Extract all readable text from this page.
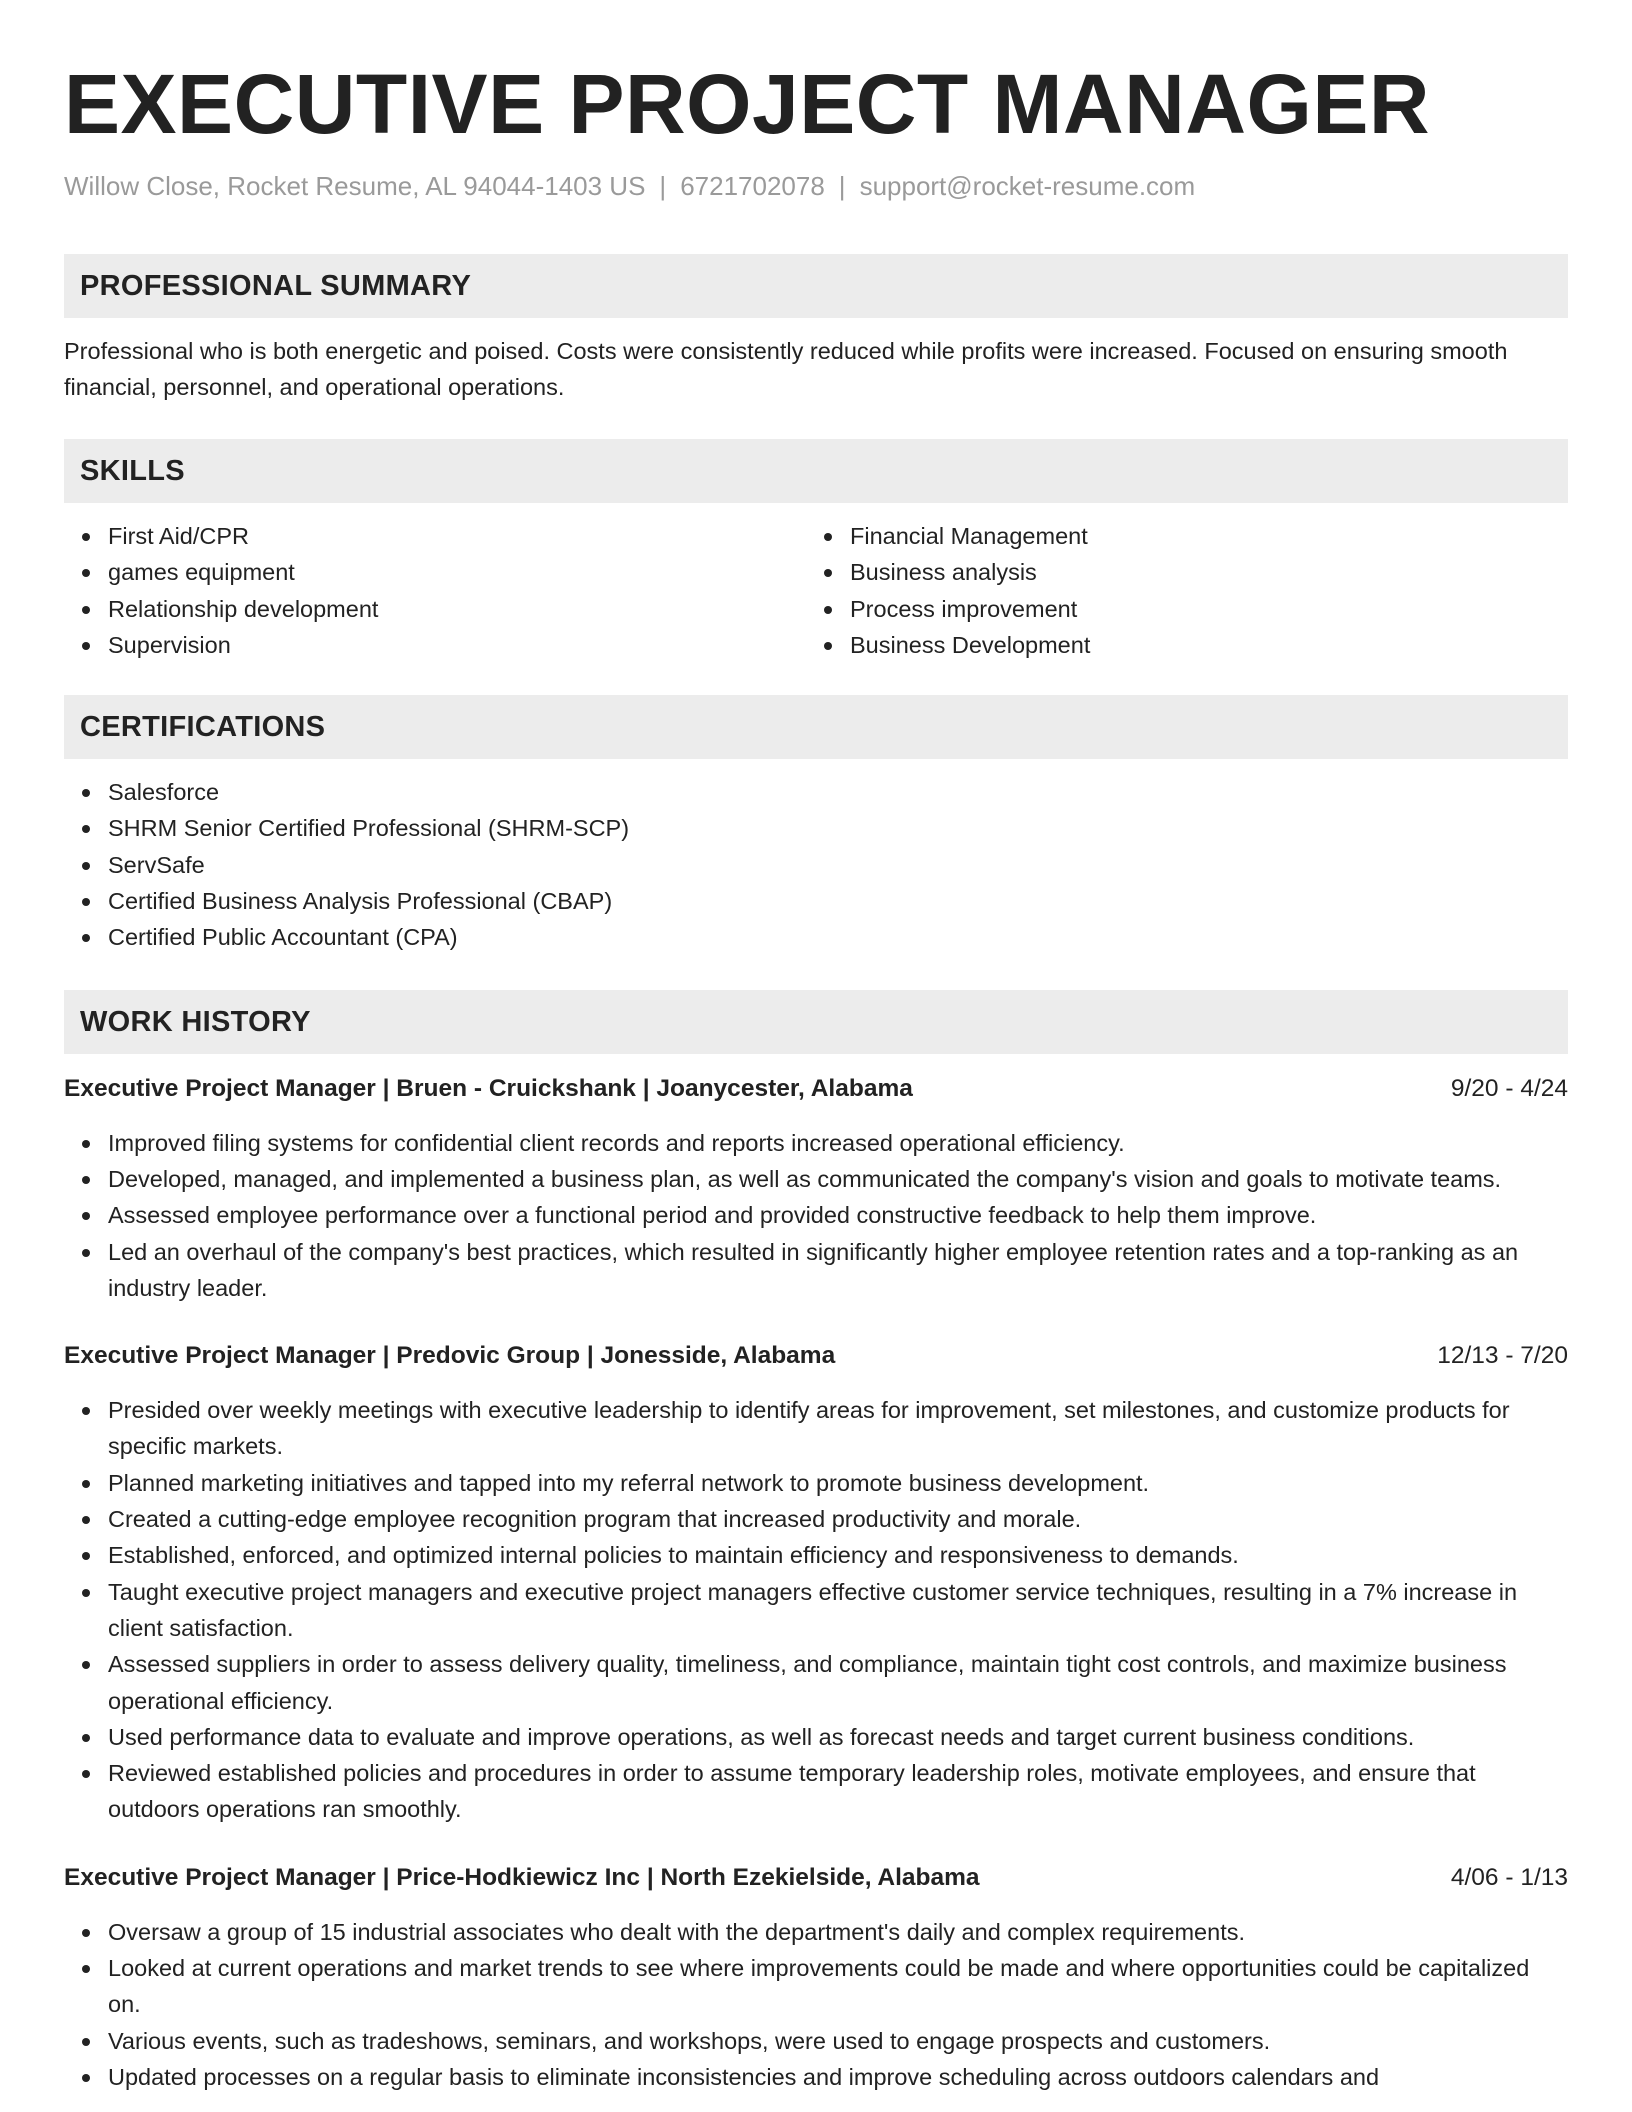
EXECUTIVE PROJECT MANAGER
Willow Close, Rocket Resume, AL 94044-1403 US | 6721702078 | support@rocket-resume.com
PROFESSIONAL SUMMARY

Professional who is both energetic and poised. Costs were consistently reduced while profits were increased. Focused on ensuring smooth financial, personnel, and operational operations.

SKILLS
First Aid/CPR
games equipment
Relationship development
Supervision
Financial Management
Business analysis
Process improvement
Business Development
CERTIFICATIONS
Salesforce
SHRM Senior Certified Professional (SHRM-SCP)
ServSafe
Certified Business Analysis Professional (CBAP)
Certified Public Accountant (CPA)
WORK HISTORY
Executive Project Manager | Bruen - Cruickshank | Joanycester, Alabama	9/20 - 4/24
Improved filing systems for confidential client records and reports increased operational efficiency.
Developed, managed, and implemented a business plan, as well as communicated the company's vision and goals to motivate teams.
Assessed employee performance over a functional period and provided constructive feedback to help them improve.
Led an overhaul of the company's best practices, which resulted in significantly higher employee retention rates and a top-ranking as an industry leader.
Executive Project Manager | Predovic Group | Jonesside, Alabama	12/13 - 7/20
Presided over weekly meetings with executive leadership to identify areas for improvement, set milestones, and customize products for specific markets.
Planned marketing initiatives and tapped into my referral network to promote business development.
Created a cutting-edge employee recognition program that increased productivity and morale.
Established, enforced, and optimized internal policies to maintain efficiency and responsiveness to demands.
Taught executive project managers and executive project managers effective customer service techniques, resulting in a 7% increase in client satisfaction.
Assessed suppliers in order to assess delivery quality, timeliness, and compliance, maintain tight cost controls, and maximize business operational efficiency.
Used performance data to evaluate and improve operations, as well as forecast needs and target current business conditions.
Reviewed established policies and procedures in order to assume temporary leadership roles, motivate employees, and ensure that outdoors operations ran smoothly.
Executive Project Manager | Price-Hodkiewicz Inc | North Ezekielside, Alabama	4/06 - 1/13
Oversaw a group of 15 industrial associates who dealt with the department's daily and complex requirements.
Looked at current operations and market trends to see where improvements could be made and where opportunities could be capitalized on.
Various events, such as tradeshows, seminars, and workshops, were used to engage prospects and customers.
Updated processes on a regular basis to eliminate inconsistencies and improve scheduling across outdoors calendars and
